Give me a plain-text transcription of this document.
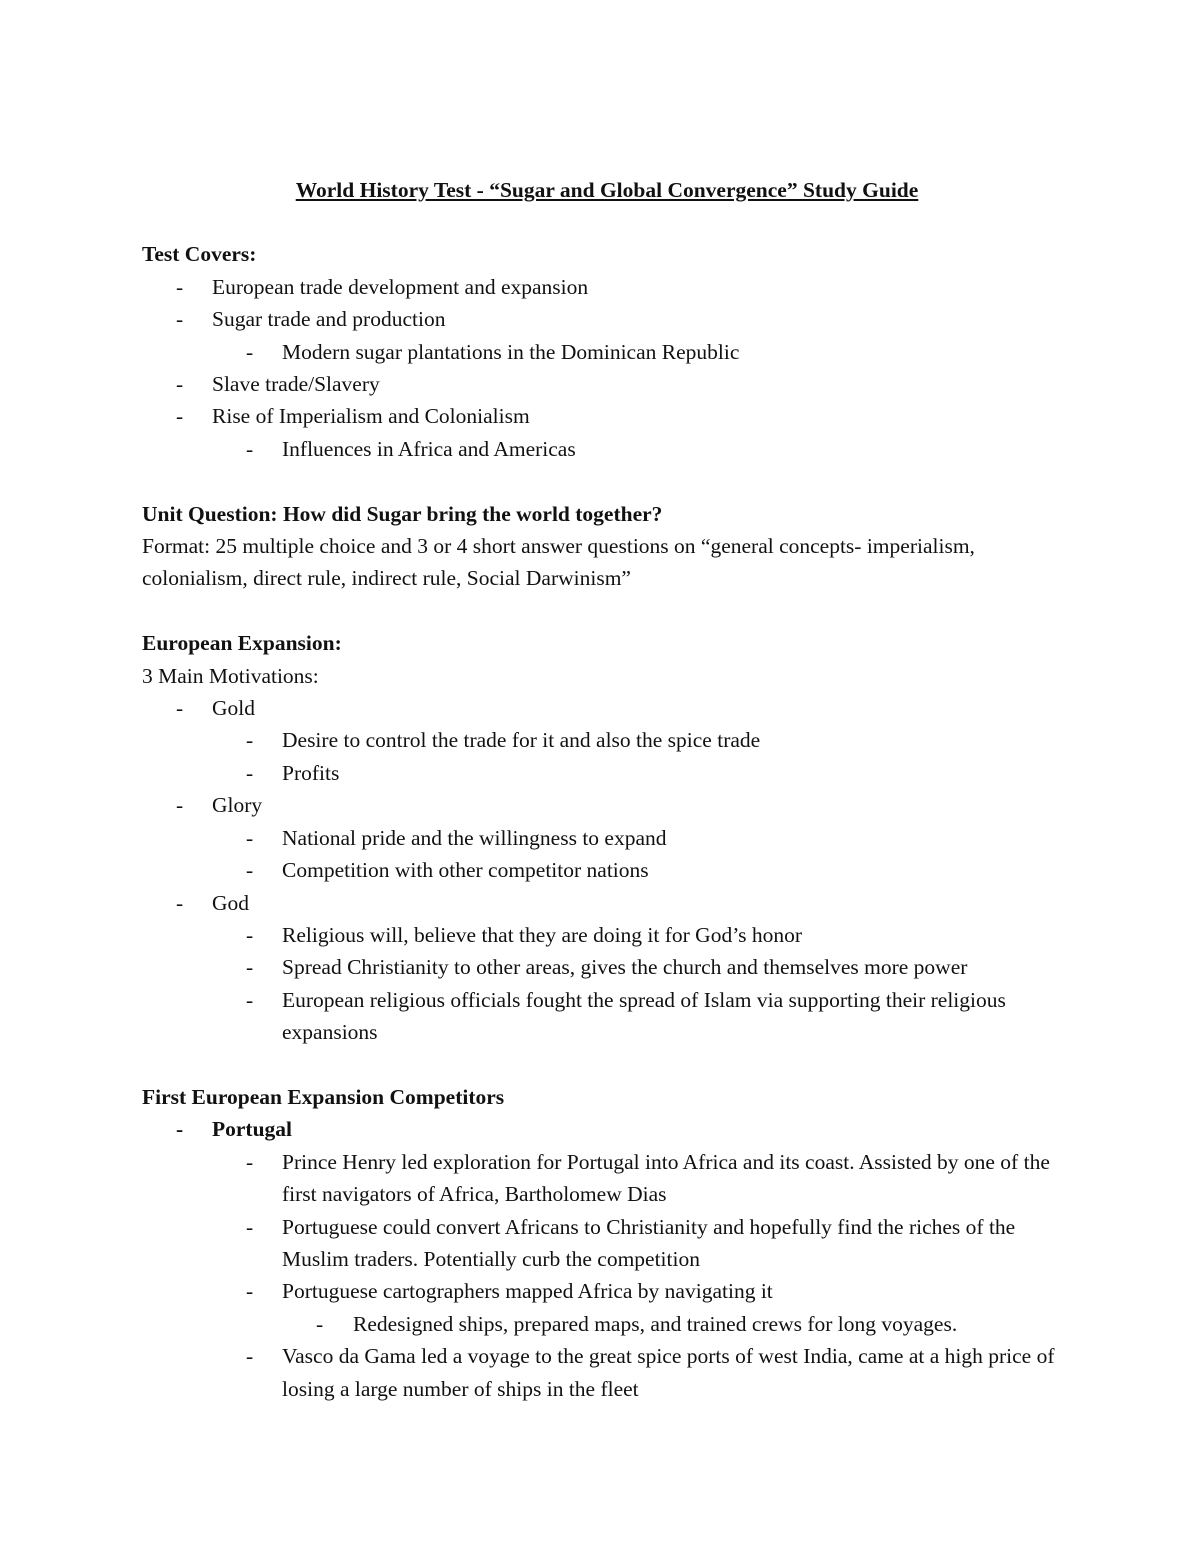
World History Test - “Sugar and Global Convergence” Study Guide

Test Covers:

- European trade development and expansion
- Sugar trade and production
- Modern sugar plantations in the Dominican Republic
- Slave trade/Slavery
- Rise of Imperialism and Colonialism
- Influences in Africa and Americas

Unit Question: How did Sugar bring the world together?

Format: 25 multiple choice and 3 or 4 short answer questions on “general concepts- imperialism, colonialism, direct rule, indirect rule, Social Darwinism”

European Expansion:

3 Main Motivations:

- Gold
- Desire to control the trade for it and also the spice trade
- Profits
- Glory
- National pride and the willingness to expand
- Competition with other competitor nations
- God
- Religious will, believe that they are doing it for God’s honor
- Spread Christianity to other areas, gives the church and themselves more power
- European religious officials fought the spread of Islam via supporting their religious expansions

First European Expansion Competitors

- Portugal
- Prince Henry led exploration for Portugal into Africa and its coast. Assisted by one of the first navigators of Africa, Bartholomew Dias
- Portuguese could convert Africans to Christianity and hopefully find the riches of the Muslim traders. Potentially curb the competition
- Portuguese cartographers mapped Africa by navigating it
- Redesigned ships, prepared maps, and trained crews for long voyages.
- Vasco da Gama led a voyage to the great spice ports of west India, came at a high price of losing a large number of ships in the fleet
